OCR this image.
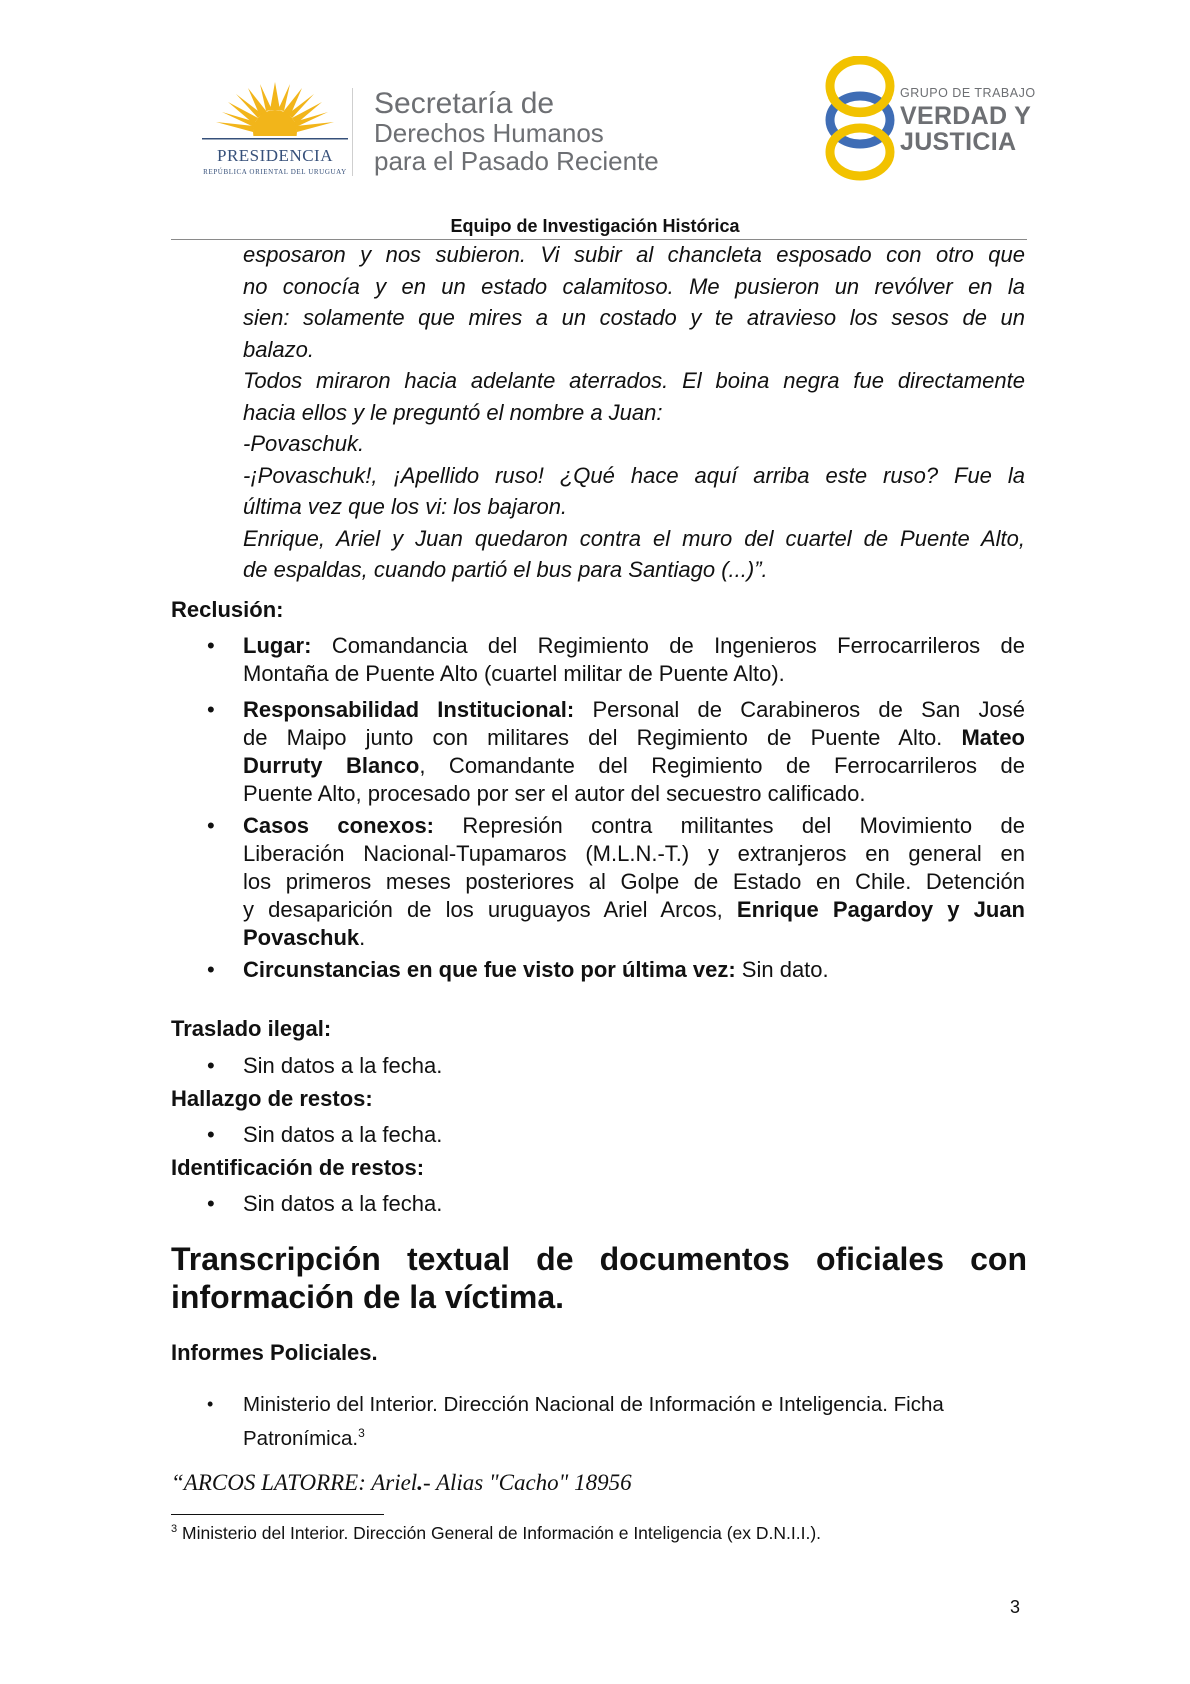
PRESIDENCIA
REPÚBLICA ORIENTAL DEL URUGUAY
Secretaría de
Derechos Humanos
para el Pasado Reciente
GRUPO DE TRABAJO
VERDAD Y
JUSTICIA
Equipo de Investigación Histórica

esposaron y nos subieron. Vi subir al chancleta esposado con otro que

no conocía y en un estado calamitoso. Me pusieron un revólver en la

sien: solamente que mires a un costado y te atravieso los sesos de un

balazo.

Todos miraron hacia adelante aterrados. El boina negra fue directamente

hacia ellos y le preguntó el nombre a Juan:

-Povaschuk.

-¡Povaschuk!, ¡Apellido ruso! ¿Qué hace aquí arriba este ruso? Fue la

última vez que los vi: los bajaron.

Enrique, Ariel y Juan quedaron contra el muro del cuartel de Puente Alto,

de espaldas, cuando partió el bus para Santiago (...)”.

Reclusión:
• Lugar: Comandancia del Regimiento de Ingenieros Ferrocarrileros de
Montaña de Puente Alto (cuartel militar de Puente Alto).
• Responsabilidad Institucional: Personal de Carabineros de San José
de Maipo junto con militares del Regimiento de Puente Alto. Mateo
Durruty Blanco, Comandante del Regimiento de Ferrocarrileros de
Puente Alto, procesado por ser el autor del secuestro calificado.
• Casos conexos: Represión contra militantes del Movimiento de
Liberación Nacional-Tupamaros (M.L.N.-T.) y extranjeros en general en
los primeros meses posteriores al Golpe de Estado en Chile. Detención
y desaparición de los uruguayos Ariel Arcos, Enrique Pagardoy y Juan
Povaschuk.
• Circunstancias en que fue visto por última vez: Sin dato.
Traslado ilegal:
• Sin datos a la fecha.
Hallazgo de restos:
• Sin datos a la fecha.
Identificación de restos:
• Sin datos a la fecha.
Transcripción textual de documentos oficiales con
información de la víctima.
Informes Policiales.
• Ministerio del Interior. Dirección Nacional de Información e Inteligencia. Ficha
Patronímica.$^3$
“ARCOS LATORRE: Ariel.- Alias "Cacho" 18956
$^3$ Ministerio del Interior. Dirección General de Información e Inteligencia (ex D.N.I.I.).
3
